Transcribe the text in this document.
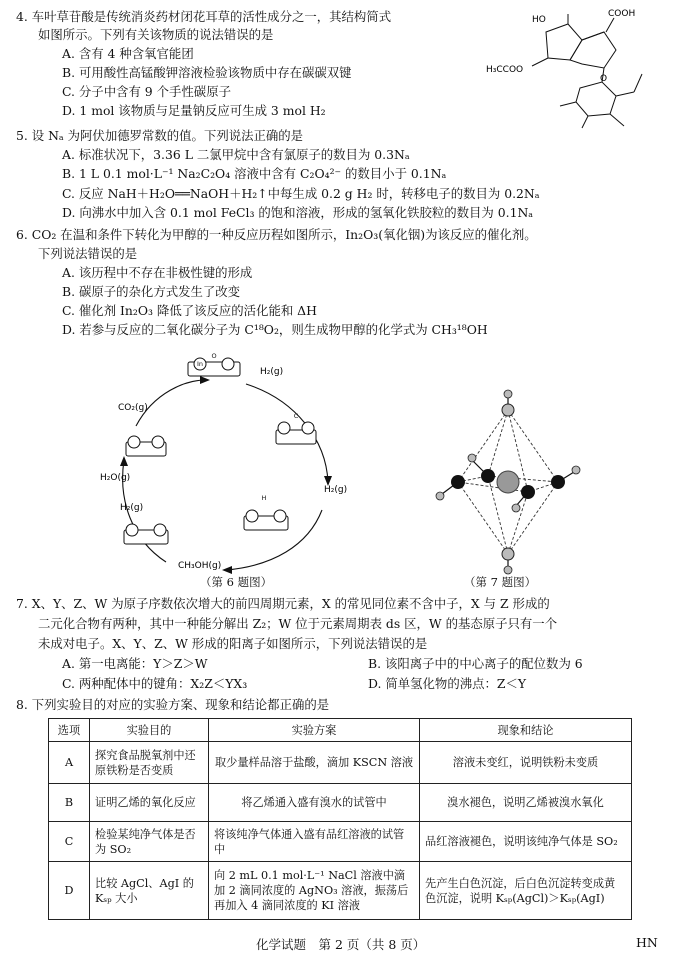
4. 车叶草苷酸是传统消炎药材闭花耳草的活性成分之一，其结构简式
如图所示。下列有关该物质的说法错误的是
A. 含有 4 种含氧官能团
B. 可用酸性高锰酸钾溶液检验该物质中存在碳碳双键
C. 分子中含有 9 个手性碳原子
D. 1 mol 该物质与足量钠反应可生成 3 mol H₂
HO
COOH
H₃CCOO
O
5. 设 Nₐ 为阿伏加德罗常数的值。下列说法正确的是
A. 标准状况下，3.36 L 二氯甲烷中含有氯原子的数目为 0.3Nₐ
B. 1 L 0.1 mol·L⁻¹ Na₂C₂O₄ 溶液中含有 C₂O₄²⁻ 的数目小于 0.1Nₐ
C. 反应 NaH＋H₂O══NaOH＋H₂↑中每生成 0.2 g H₂ 时，转移电子的数目为 0.2Nₐ
D. 向沸水中加入含 0.1 mol FeCl₃ 的饱和溶液，形成的氢氧化铁胶粒的数目为 0.1Nₐ
6. CO₂ 在温和条件下转化为甲醇的一种反应历程如图所示，In₂O₃(氧化铟)为该反应的催化剂。
下列说法错误的是
A. 该历程中不存在非极性键的形成
B. 碳原子的杂化方式发生了改变
C. 催化剂 In₂O₃ 降低了该反应的活化能和 ΔH
D. 若参与反应的二氧化碳分子为 C¹⁸O₂，则生成物甲醇的化学式为 CH₃¹⁸OH
In
O
C
H
H₂(g)
CO₂(g)
H₂(g)
H₂O(g)
H₂(g)
CH₃OH(g)
（第 6 题图）	（第 7 题图）
7. X、Y、Z、W 为原子序数依次增大的前四周期元素，X 的常见同位素不含中子，X 与 Z 形成的
二元化合物有两种，其中一种能分解出 Z₂；W 位于元素周期表 ds 区，W 的基态原子只有一个
未成对电子。X、Y、Z、W 形成的阳离子如图所示，下列说法错误的是
A. 第一电离能：Y＞Z＞W	B. 该阳离子中的中心离子的配位数为 6
C. 两种配体中的键角：X₂Z＜YX₃	D. 简单氢化物的沸点：Z＜Y
8. 下列实验目的对应的实验方案、现象和结论都正确的是
选项	实验目的	实验方案	现象和结论
A	探究食品脱氧剂中还原铁粉是否变质	取少量样品溶于盐酸，滴加 KSCN 溶液	溶液未变红，说明铁粉未变质
B	证明乙烯的氧化反应	将乙烯通入盛有溴水的试管中	溴水褪色，说明乙烯被溴水氧化
C	检验某纯净气体是否为 SO₂	将该纯净气体通入盛有品红溶液的试管中	品红溶液褪色，说明该纯净气体是 SO₂
D	比较 AgCl、AgI 的 Kₛₚ 大小	向 2 mL 0.1 mol·L⁻¹ NaCl 溶液中滴加 2 滴同浓度的 AgNO₃ 溶液，振荡后再加入 4 滴同浓度的 KI 溶液	先产生白色沉淀，后白色沉淀转变成黄色沉淀，说明 Kₛₚ(AgCl)＞Kₛₚ(AgI)
化学试题　第 2 页（共 8 页）	HN
